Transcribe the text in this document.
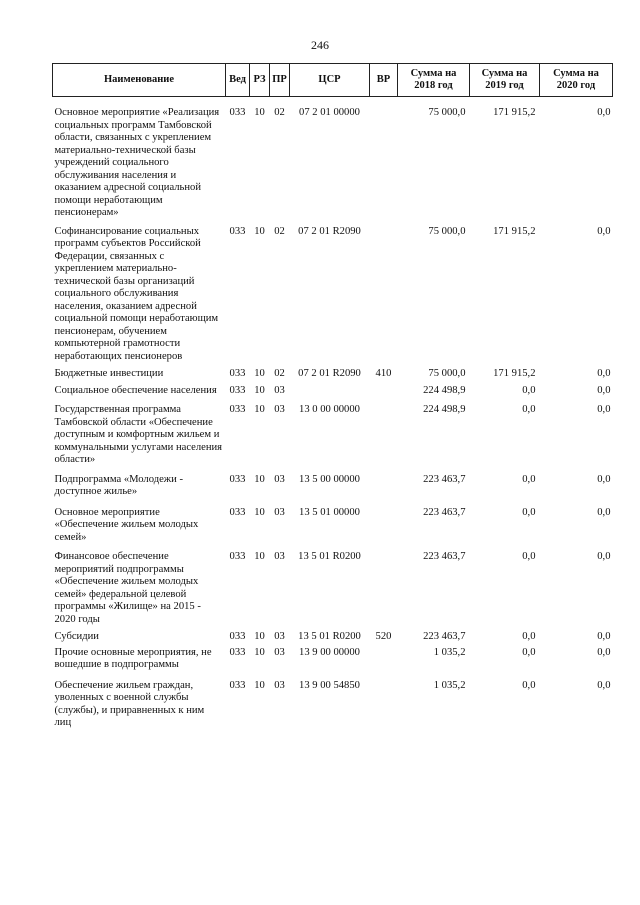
246
Наименование	Вед	РЗ	ПР	ЦСР	ВР	Сумма на 2018 год	Сумма на 2019 год	Сумма на 2020 год
Основное мероприятие «Реализация социальных программ Тамбовской области, связанных с укреплением материально-технической базы учреждений социального обслуживания населения и оказанием адресной социальной помощи неработающим пенсионерам»	033	10	02	07 2 01 00000		75 000,0	171 915,2	0,0
Софинансирование социальных программ субъектов Российской Федерации, связанных с укреплением материально-технической базы организаций социального обслуживания населения, оказанием адресной социальной помощи неработающим пенсионерам, обучением компьютерной грамотности неработающих пенсионеров	033	10	02	07 2 01 R2090		75 000,0	171 915,2	0,0
Бюджетные инвестиции	033	10	02	07 2 01 R2090	410	75 000,0	171 915,2	0,0
Социальное обеспечение населения	033	10	03			224 498,9	0,0	0,0
Государственная программа Тамбовской области «Обеспечение доступным и комфортным жильем и коммунальными услугами населения области»	033	10	03	13 0 00 00000		224 498,9	0,0	0,0
Подпрограмма «Молодежи - доступное жилье»	033	10	03	13 5 00 00000		223 463,7	0,0	0,0
Основное мероприятие «Обеспечение жильем молодых семей»	033	10	03	13 5 01 00000		223 463,7	0,0	0,0
Финансовое обеспечение мероприятий подпрограммы «Обеспечение жильем молодых семей» федеральной целевой программы «Жилище» на 2015 - 2020 годы	033	10	03	13 5 01 R0200		223 463,7	0,0	0,0
Субсидии	033	10	03	13 5 01 R0200	520	223 463,7	0,0	0,0
Прочие основные мероприятия, не вошедшие в подпрограммы	033	10	03	13 9 00 00000		1 035,2	0,0	0,0
Обеспечение жильем граждан, уволенных с военной службы (службы), и приравненных к ним лиц	033	10	03	13 9 00 54850		1 035,2	0,0	0,0
